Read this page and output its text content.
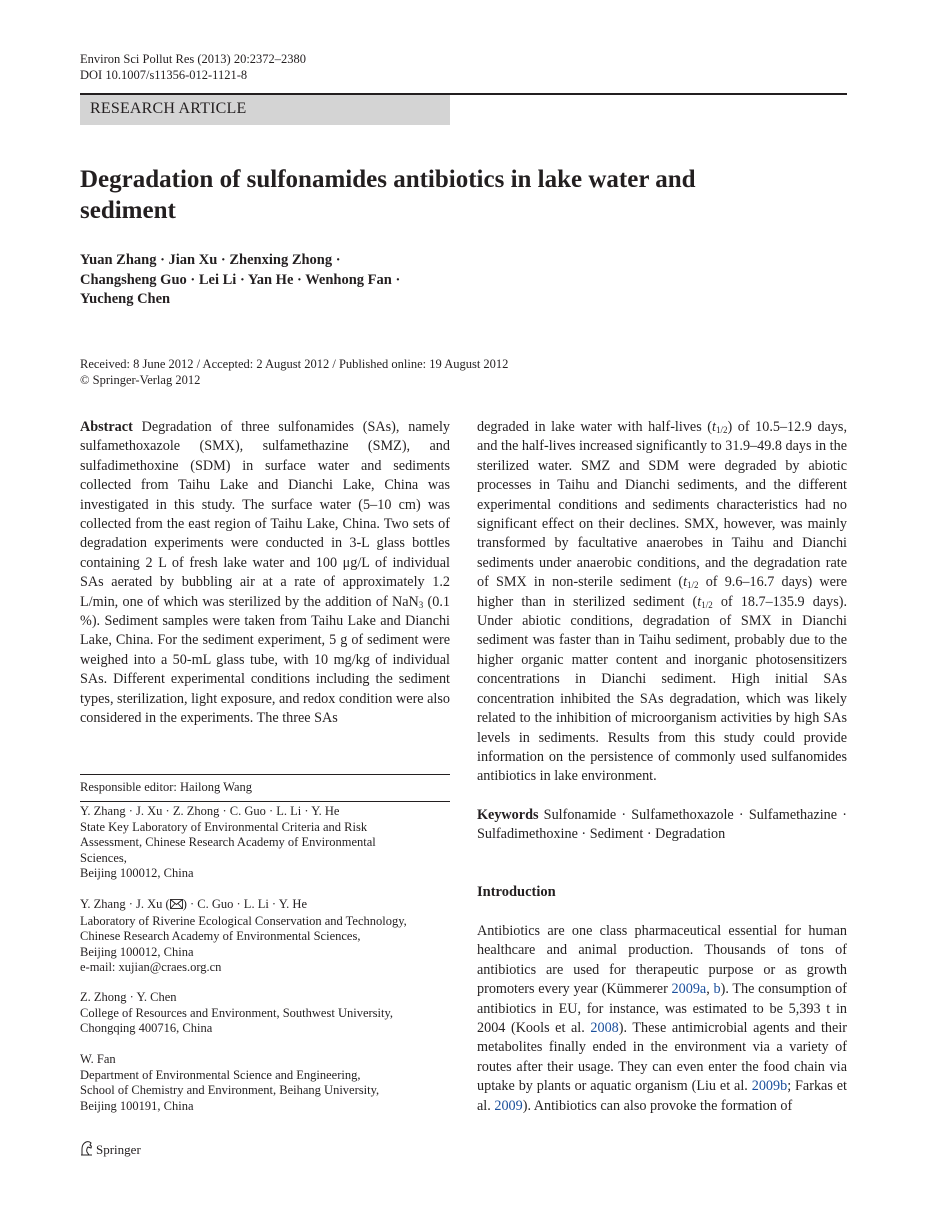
Environ Sci Pollut Res (2013) 20:2372–2380
DOI 10.1007/s11356-012-1121-8
RESEARCH ARTICLE
Degradation of sulfonamides antibiotics in lake water and sediment
Yuan Zhang · Jian Xu · Zhenxing Zhong ·
Changsheng Guo · Lei Li · Yan He · Wenhong Fan ·
Yucheng Chen
Received: 8 June 2012 / Accepted: 2 August 2012 / Published online: 19 August 2012
© Springer-Verlag 2012

Abstract Degradation of three sulfonamides (SAs), namely sulfamethoxazole (SMX), sulfamethazine (SMZ), and sulfadimethoxine (SDM) in surface water and sediments collected from Taihu Lake and Dianchi Lake, China was investigated in this study. The surface water (5–10 cm) was collected from the east region of Taihu Lake, China. Two sets of degradation experiments were conducted in 3-L glass bottles containing 2 L of fresh lake water and 100 μg/L of individual SAs aerated by bubbling air at a rate of approximately 1.2 L/min, one of which was sterilized by the addition of NaN$_3$ (0.1 %). Sediment samples were taken from Taihu Lake and Dianchi Lake, China. For the sediment experiment, 5 g of sediment were weighed into a 50-mL glass tube, with 10 mg/kg of individual SAs. Different experimental conditions including the sediment types, sterilization, light exposure, and redox condition were also considered in the experiments. The three SAs

Responsible editor: Hailong Wang
Y. Zhang · J. Xu · Z. Zhong · C. Guo · L. Li · Y. He
State Key Laboratory of Environmental Criteria and Risk
Assessment, Chinese Research Academy of Environmental
Sciences,
Beijing 100012, China
Y. Zhang · J. Xu ( ) · C. Guo · L. Li · Y. He
Laboratory of Riverine Ecological Conservation and Technology,
Chinese Research Academy of Environmental Sciences,
Beijing 100012, China
e-mail: xujian@craes.org.cn
Z. Zhong · Y. Chen
College of Resources and Environment, Southwest University,
Chongqing 400716, China
W. Fan
Department of Environmental Science and Engineering,
School of Chemistry and Environment, Beihang University,
Beijing 100191, China

degraded in lake water with half-lives $(t_{1/2})$ of 10.5–12.9 days, and the half-lives increased significantly to 31.9–49.8 days in the sterilized water. SMZ and SDM were degraded by abiotic processes in Taihu and Dianchi sediments, and the different experimental conditions and sediments characteristics had no significant effect on their declines. SMX, however, was mainly transformed by facultative anaerobes in Taihu and Dianchi sediments under anaerobic conditions, and the degradation rate of SMX in non-sterile sediment ($t_{1/2}$ of 9.6–16.7 days) were higher than in sterilized sediment ($t_{1/2}$ of 18.7–135.9 days). Under abiotic conditions, degradation of SMX in Dianchi sediment was faster than in Taihu sediment, probably due to the higher organic matter content and inorganic photosensitizers concentrations in Dianchi sediment. High initial SAs concentration inhibited the SAs degradation, which was likely related to the inhibition of microorganism activities by high SAs levels in sediments. Results from this study could provide information on the persistence of commonly used sulfanomides antibiotics in lake environment.

Keywords Sulfonamide · Sulfamethoxazole · Sulfamethazine · Sulfadimethoxine · Sediment · Degradation
Introduction
Antibiotics are one class pharmaceutical essential for human healthcare and animal production. Thousands of tons of antibiotics are used for therapeutic purpose or as growth promoters every year (Kümmerer 2009a, b). The consumption of antibiotics in EU, for instance, was estimated to be 5,393 t in 2004 (Kools et al. 2008). These antimicrobial agents and their metabolites finally ended in the environment via a variety of routes after their usage. They can even enter the food chain via uptake by plants or aquatic organism (Liu et al. 2009b; Farkas et al. 2009). Antibiotics can also provoke the formation of
Springer
